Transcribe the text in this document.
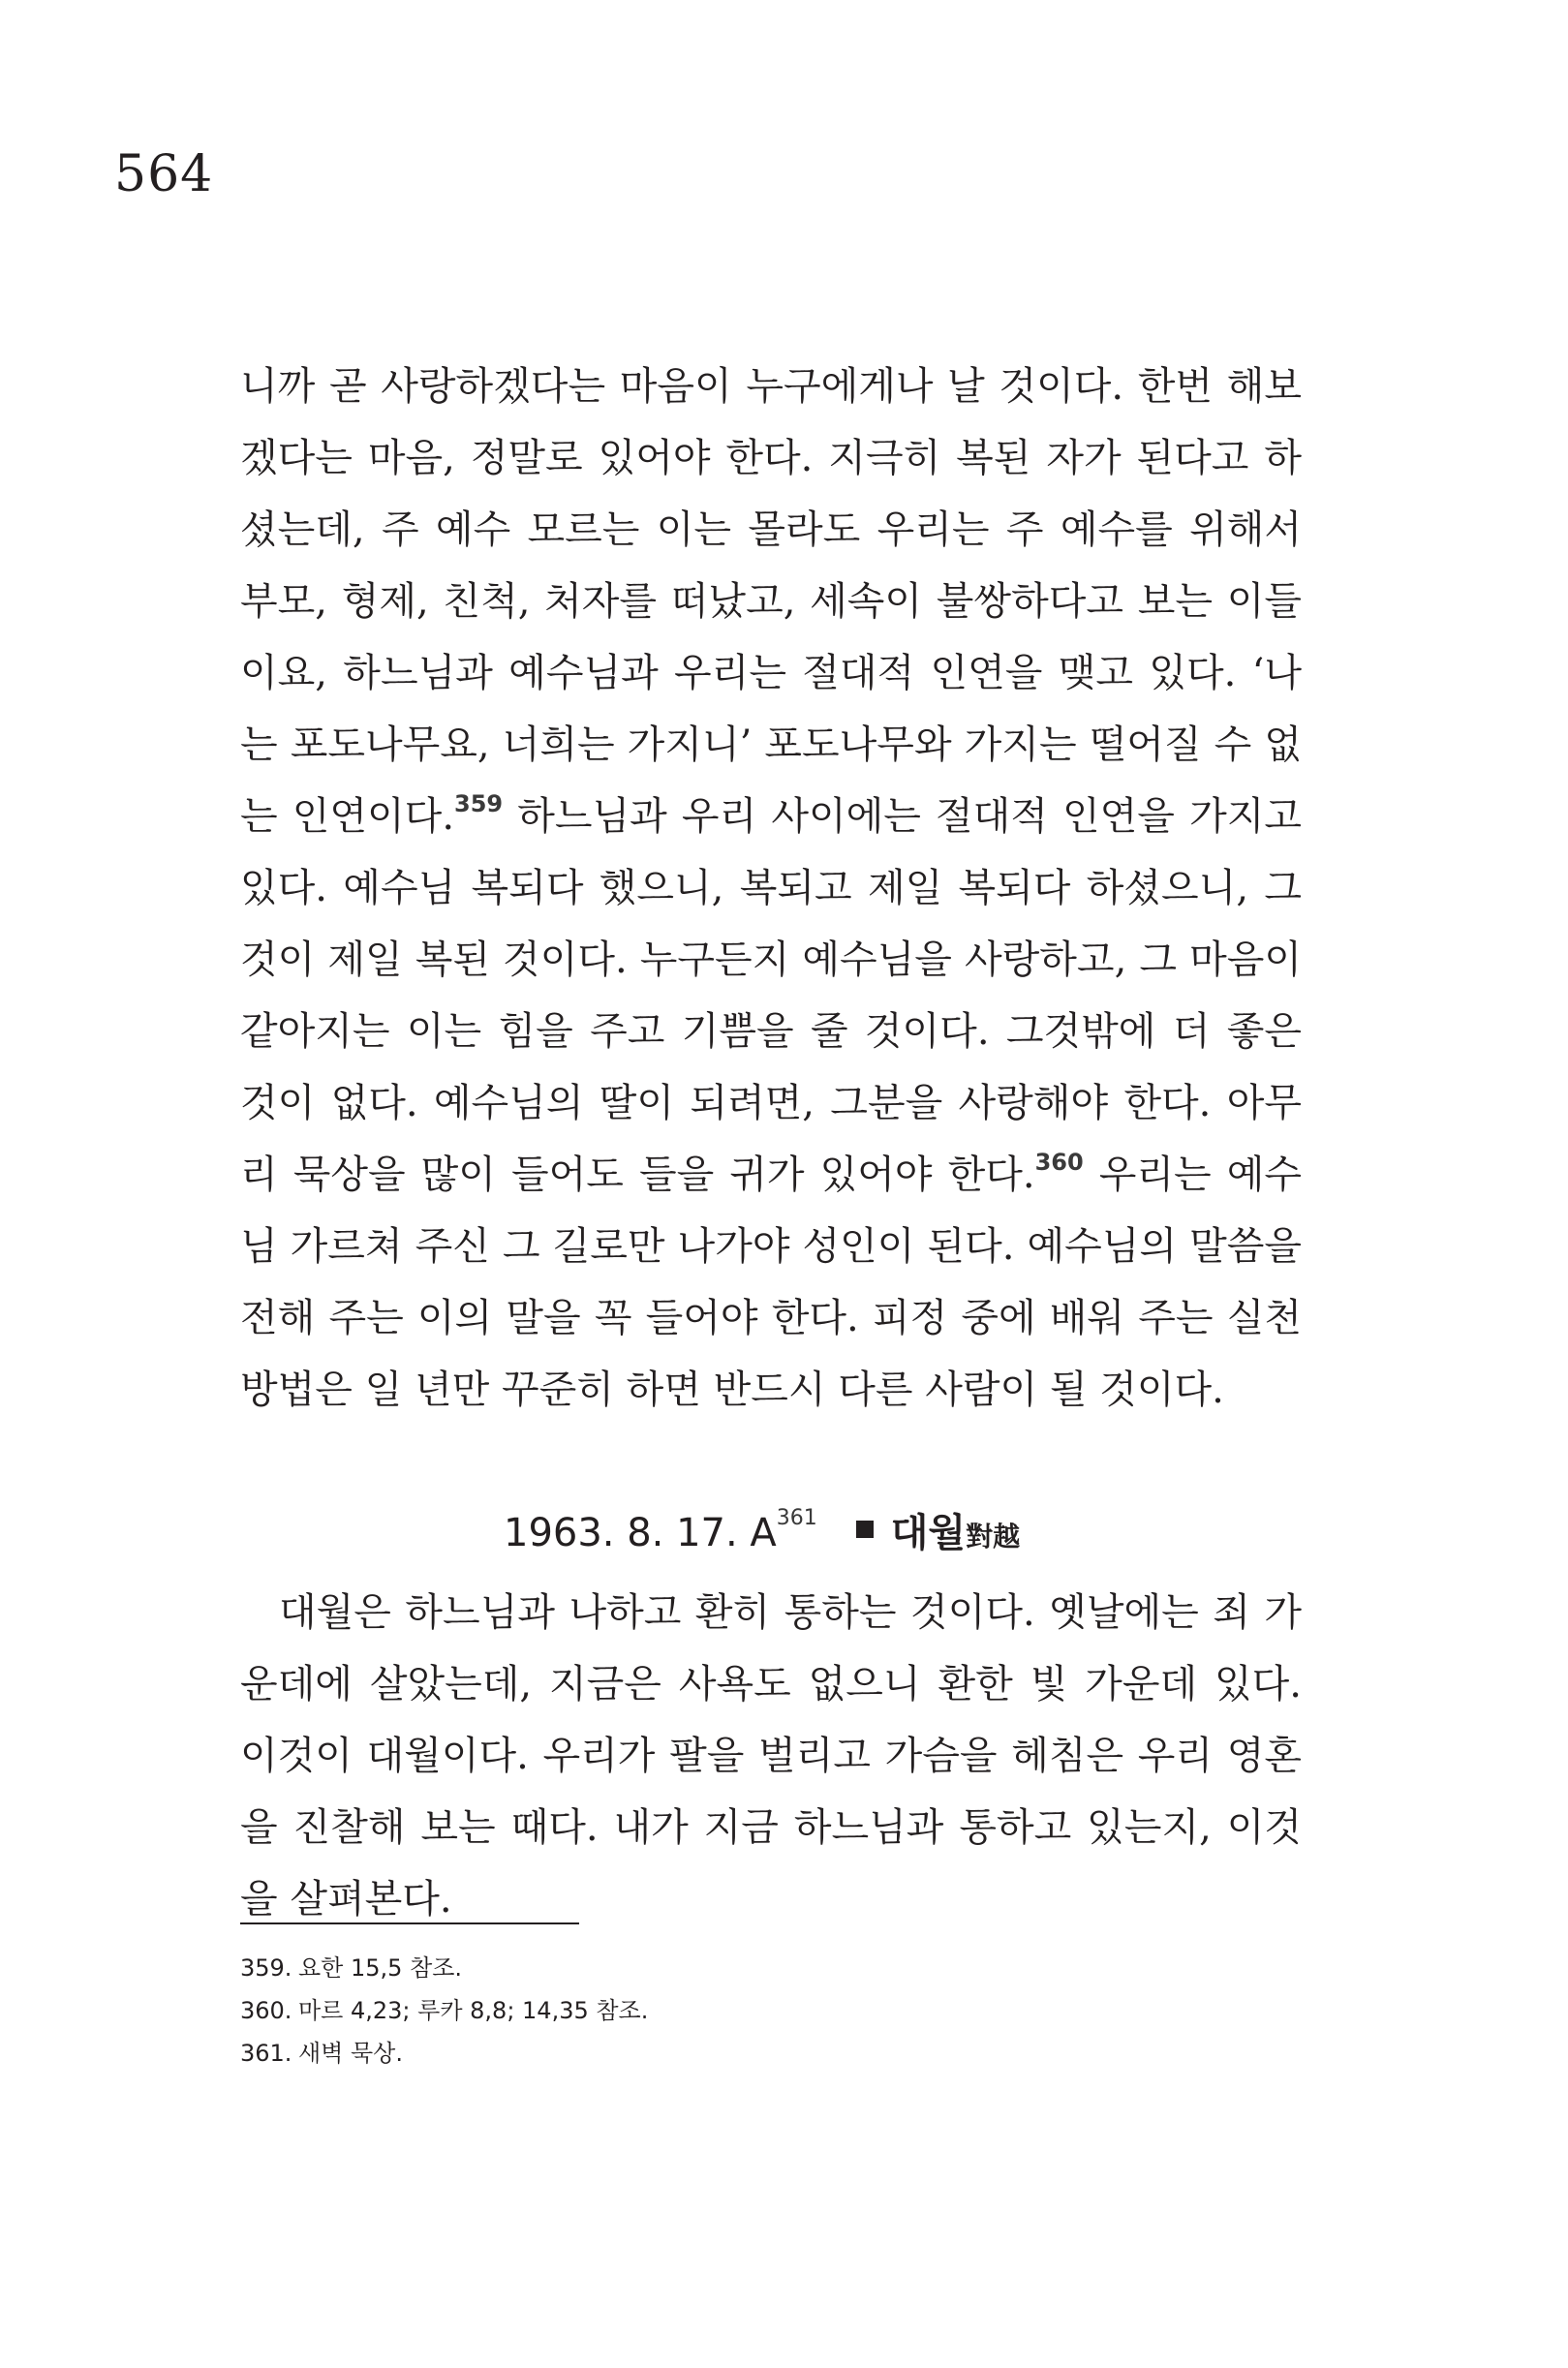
564

니까 곧 사랑하겠다는 마음이 누구에게나 날 것이다. 한번 해보겠다는 마음, 정말로 있어야 한다. 지극히 복된 자가 된다고 하셨는데, 주 예수 모르는 이는 몰라도 우리는 주 예수를 위해서 부모, 형제, 친척, 처자를 떠났고, 세속이 불쌍하다고 보는 이들이요, 하느님과 예수님과 우리는 절대적 인연을 맺고 있다. ‘나는 포도나무요, 너희는 가지니’ 포도나무와 가지는 떨어질 수 없는 인연이다.$^{359}$ 하느님과 우리 사이에는 절대적 인연을 가지고 있다. 예수님 복되다 했으니, 복되고 제일 복되다 하셨으니, 그것이 제일 복된 것이다. 누구든지 예수님을 사랑하고, 그 마음이 같아지는 이는 힘을 주고 기쁨을 줄 것이다. 그것밖에 더 좋은 것이 없다. 예수님의 딸이 되려면, 그분을 사랑해야 한다. 아무리 묵상을 많이 들어도 들을 귀가 있어야 한다.$^{360}$ 우리는 예수님 가르쳐 주신 그 길로만 나가야 성인이 된다. 예수님의 말씀을 전해 주는 이의 말을 꼭 들어야 한다. 피정 중에 배워 주는 실천 방법은 일 년만 꾸준히 하면 반드시 다른 사람이 될 것이다.

1963. 8. 17. $A^{361}$ 대월對越

대월은 하느님과 나하고 환히 통하는 것이다. 옛날에는 죄 가운데에 살았는데, 지금은 사욕도 없으니 환한 빛 가운데 있다. 이것이 대월이다. 우리가 팔을 벌리고 가슴을 헤침은 우리 영혼을 진찰해 보는 때다. 내가 지금 하느님과 통하고 있는지, 이것을 살펴본다.

359. 요한 15,5 참조.
360. 마르 4,23; 루카 8,8; 14,35 참조.
361. 새벽 묵상.
